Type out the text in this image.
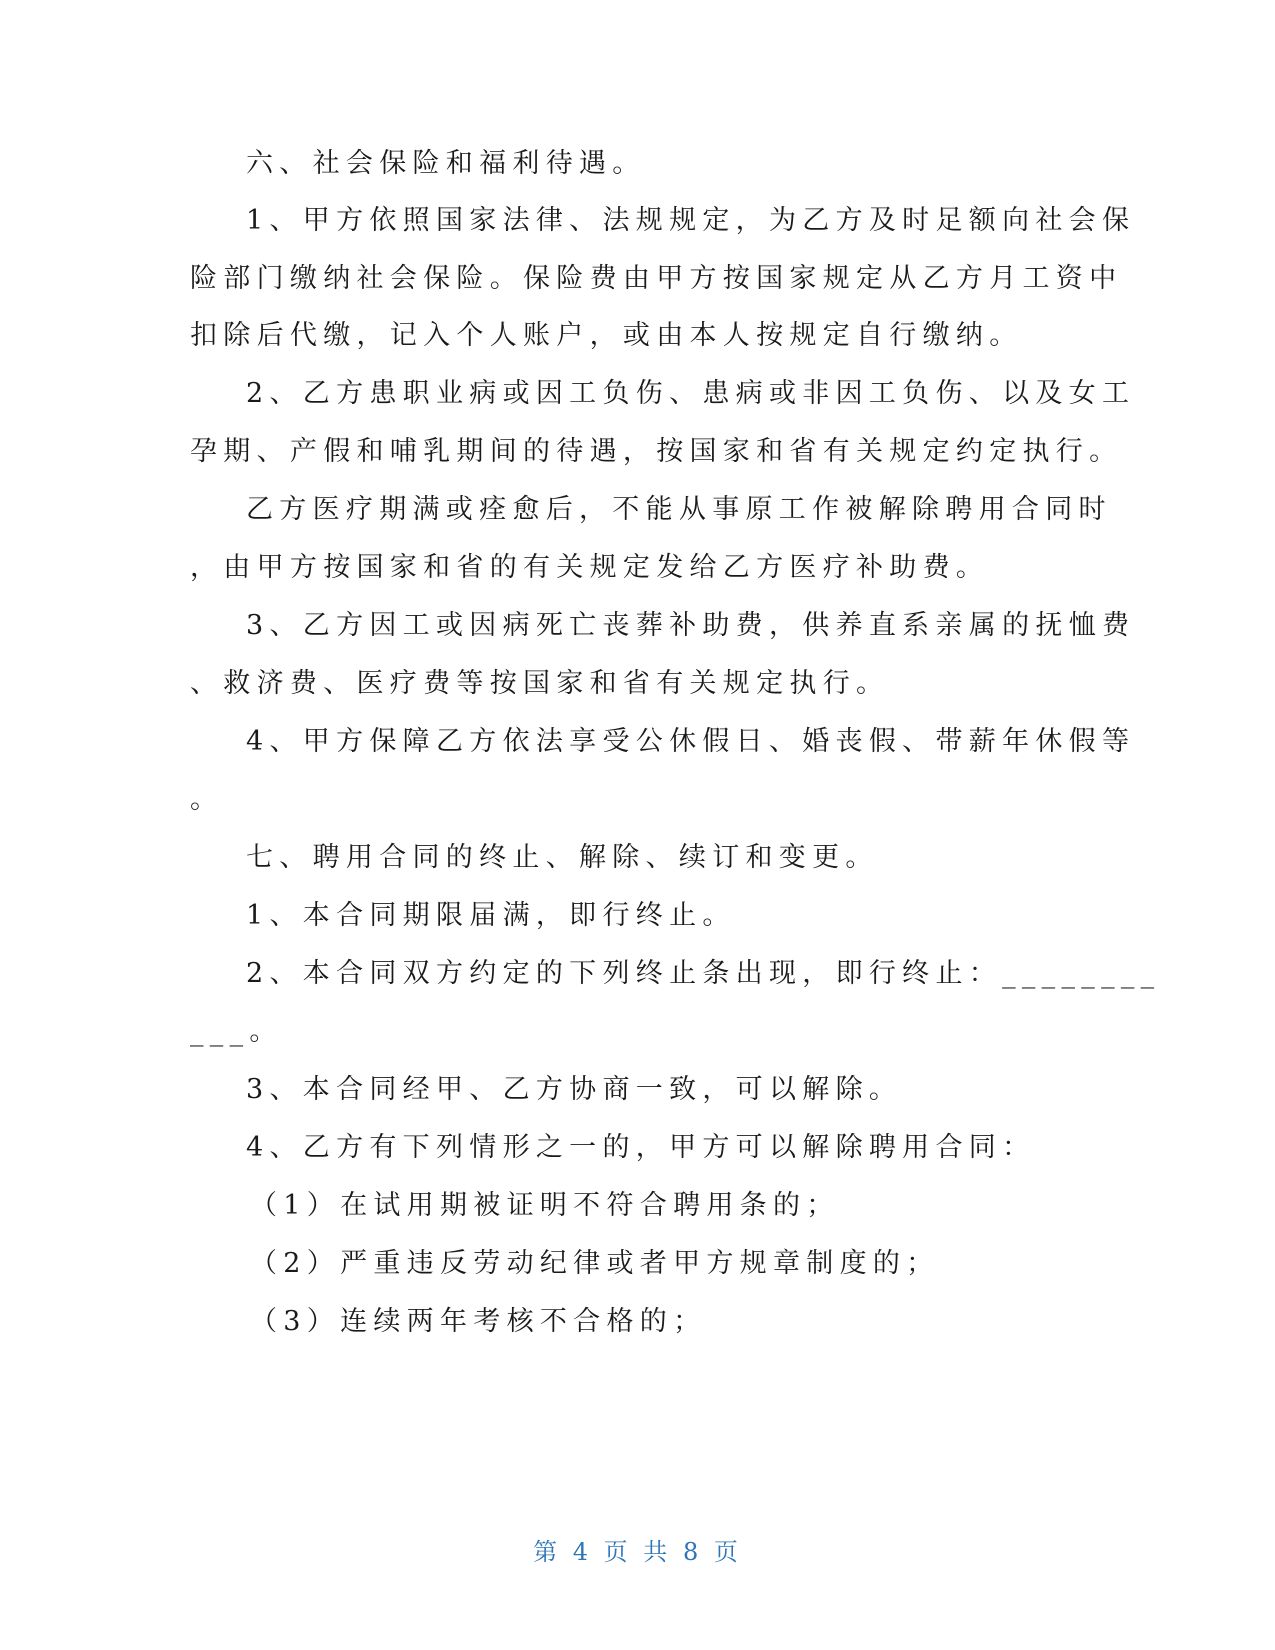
六、社会保险和福利待遇。
1、甲方依照国家法律、法规规定，为乙方及时足额向社会保
险部门缴纳社会保险。保险费由甲方按国家规定从乙方月工资中
扣除后代缴，记入个人账户，或由本人按规定自行缴纳。
2、乙方患职业病或因工负伤、患病或非因工负伤、以及女工
孕期、产假和哺乳期间的待遇，按国家和省有关规定约定执行。
乙方医疗期满或痊愈后，不能从事原工作被解除聘用合同时
，由甲方按国家和省的有关规定发给乙方医疗补助费。
3、乙方因工或因病死亡丧葬补助费，供养直系亲属的抚恤费
、救济费、医疗费等按国家和省有关规定执行。
4、甲方保障乙方依法享受公休假日、婚丧假、带薪年休假等
。
七、聘用合同的终止、解除、续订和变更。
1、本合同期限届满，即行终止。
2、本合同双方约定的下列终止条出现，即行终止：________
___。
3、本合同经甲、乙方协商一致，可以解除。
4、乙方有下列情形之一的，甲方可以解除聘用合同：
（1）在试用期被证明不符合聘用条的；
（2）严重违反劳动纪律或者甲方规章制度的；
（3）连续两年考核不合格的；
第 4 页 共 8 页
